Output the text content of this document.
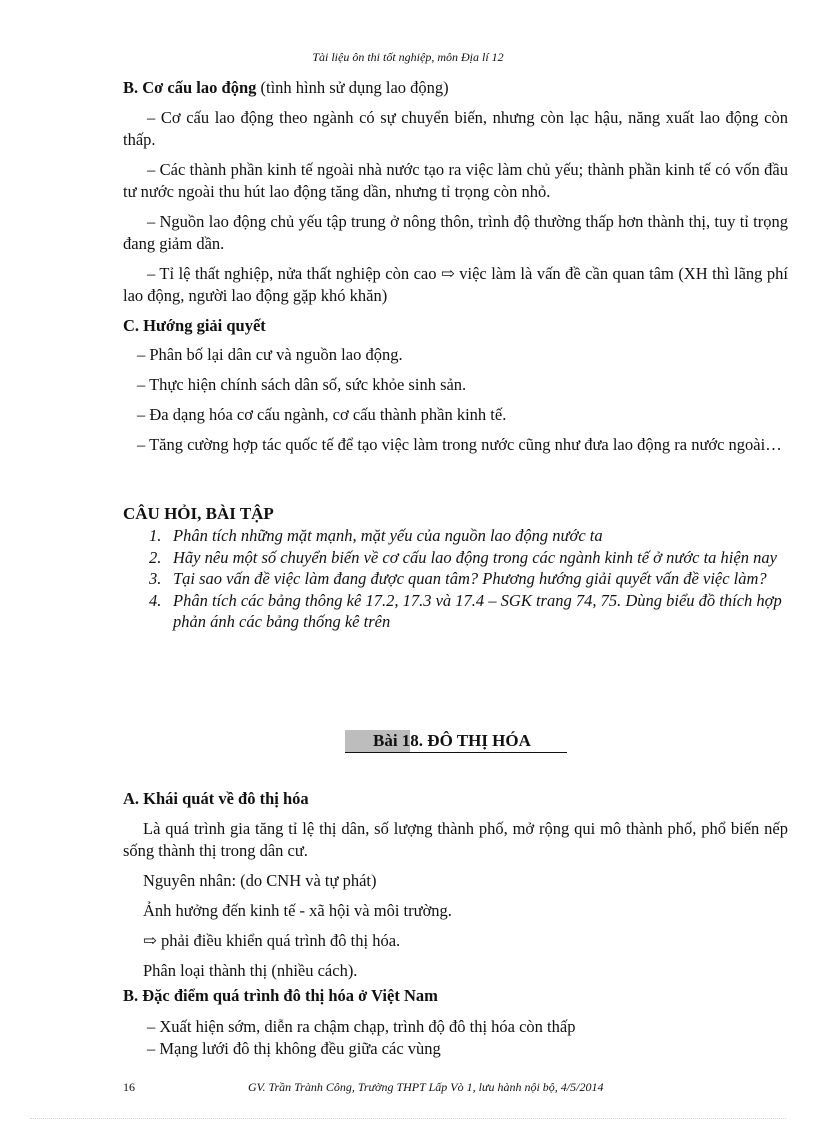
Tài liệu ôn thi tốt nghiệp, môn Địa lí 12

B. Cơ cấu lao động (tình hình sử dụng lao động)

– Cơ cấu lao động theo ngành có sự chuyển biến, nhưng còn lạc hậu, năng xuất lao động còn thấp.

– Các thành phần kinh tế ngoài nhà nước tạo ra việc làm chủ yếu; thành phần kinh tế có vốn đầu tư nước ngoài thu hút lao động tăng dần, nhưng tỉ trọng còn nhỏ.

– Nguồn lao động chủ yếu tập trung ở nông thôn, trình độ thường thấp hơn thành thị, tuy tỉ trọng đang giảm dần.

– Tỉ lệ thất nghiệp, nửa thất nghiệp còn cao ⇨ việc làm là vấn đề cần quan tâm (XH thì lãng phí lao động, người lao động gặp khó khăn)

C. Hướng giải quyết

– Phân bố lại dân cư và nguồn lao động.

– Thực hiện chính sách dân số, sức khỏe sinh sản.

– Đa dạng hóa cơ cấu ngành, cơ cấu thành phần kinh tế.

– Tăng cường hợp tác quốc tế để tạo việc làm trong nước cũng như đưa lao động ra nước ngoài…

CÂU HỎI, BÀI TẬP

1. Phân tích những mặt mạnh, mặt yếu của nguồn lao động nước ta
2. Hãy nêu một số chuyển biến về cơ cấu lao động trong các ngành kinh tế ở nước ta hiện nay
3. Tại sao vấn đề việc làm đang được quan tâm? Phương hướng giải quyết vấn đề việc làm?
4. Phân tích các bảng thông kê 17.2, 17.3 và 17.4 – SGK trang 74, 75. Dùng biểu đồ thích hợp phản ánh các bảng thống kê trên
Bài 18. ĐÔ THỊ HÓA

A. Khái quát về đô thị hóa

Là quá trình gia tăng tỉ lệ thị dân, số lượng thành phố, mở rộng qui mô thành phố, phổ biến nếp sống thành thị trong dân cư.

Nguyên nhân: (do CNH và tự phát)

Ảnh hưởng đến kinh tế - xã hội và môi trường.

⇨ phải điều khiển quá trình đô thị hóa.

Phân loại thành thị (nhiều cách).

B. Đặc điểm quá trình đô thị hóa ở Việt Nam

– Xuất hiện sớm, diễn ra chậm chạp, trình độ đô thị hóa còn thấp

– Mạng lưới đô thị không đều giữa các vùng

16	GV. Trần Trành Công, Trường THPT Lấp Vò 1, lưu hành nội bộ, 4/5/2014
